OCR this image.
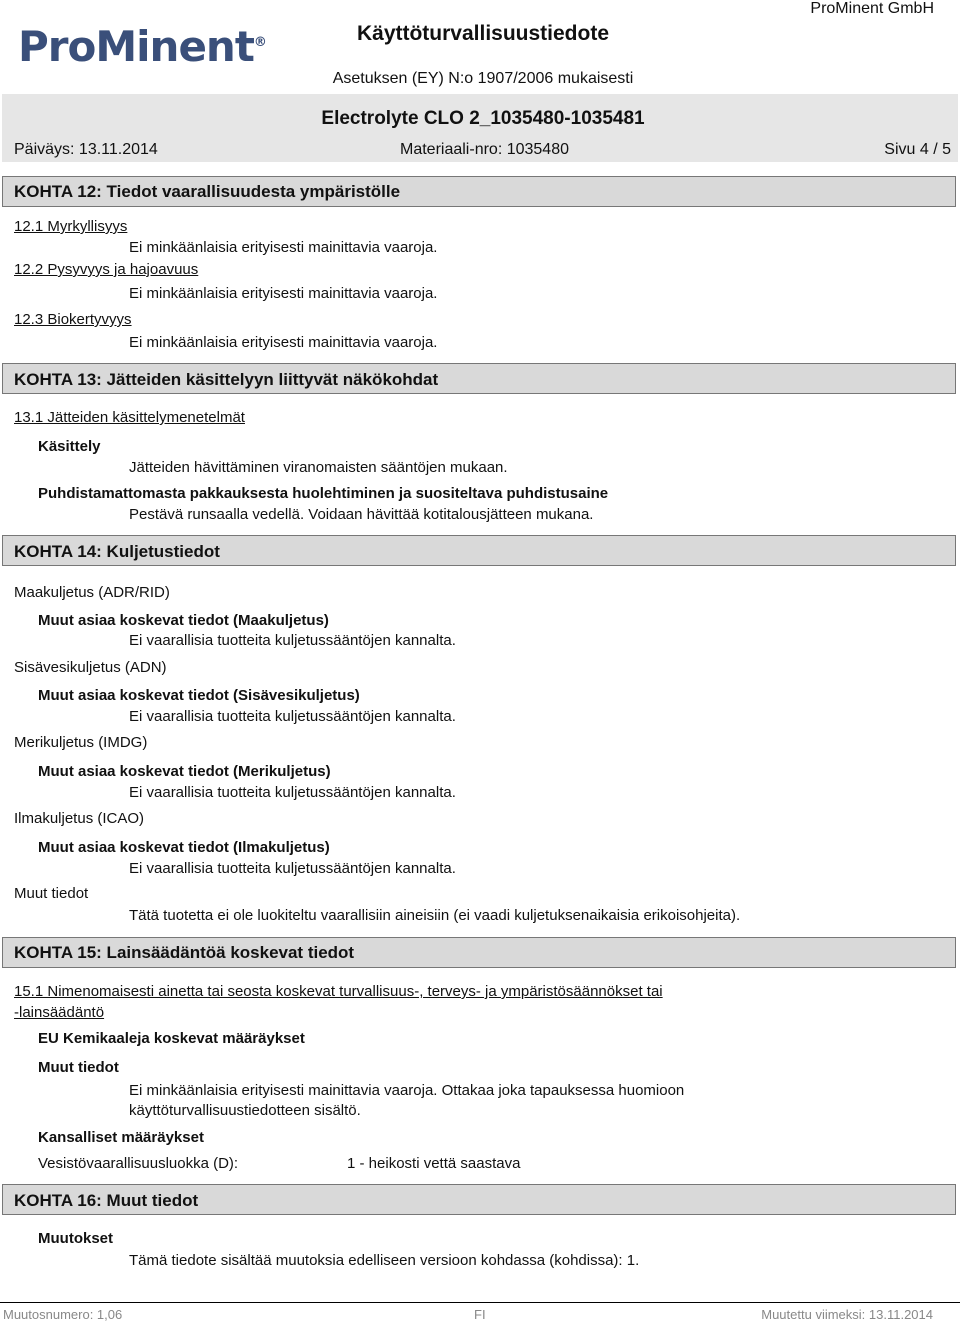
ProMinent®	Käyttöturvallisuustiedote
ProMinent GmbH
Asetuksen (EY) N:o 1907/2006 mukaisesti
Electrolyte CLO 2_1035480-1035481
Päiväys: 13.11.2014	Materiaali-nro: 1035480	Sivu 4 / 5
KOHTA 12: Tiedot vaarallisuudesta ympäristölle
12.1 Myrkyllisyys
Ei minkäänlaisia erityisesti mainittavia vaaroja.
12.2 Pysyvyys ja hajoavuus
Ei minkäänlaisia erityisesti mainittavia vaaroja.
12.3 Biokertyvyys
Ei minkäänlaisia erityisesti mainittavia vaaroja.
KOHTA 13: Jätteiden käsittelyyn liittyvät näkökohdat
13.1 Jätteiden käsittelymenetelmät
Käsittely
Jätteiden hävittäminen viranomaisten sääntöjen mukaan.
Puhdistamattomasta pakkauksesta huolehtiminen ja suositeltava puhdistusaine
Pestävä runsaalla vedellä. Voidaan hävittää kotitalousjätteen mukana.
KOHTA 14: Kuljetustiedot
Maakuljetus (ADR/RID)
Muut asiaa koskevat tiedot (Maakuljetus)
Ei vaarallisia tuotteita kuljetussääntöjen kannalta.
Sisävesikuljetus (ADN)
Muut asiaa koskevat tiedot (Sisävesikuljetus)
Ei vaarallisia tuotteita kuljetussääntöjen kannalta.
Merikuljetus (IMDG)
Muut asiaa koskevat tiedot (Merikuljetus)
Ei vaarallisia tuotteita kuljetussääntöjen kannalta.
Ilmakuljetus (ICAO)
Muut asiaa koskevat tiedot (Ilmakuljetus)
Ei vaarallisia tuotteita kuljetussääntöjen kannalta.
Muut tiedot
Tätä tuotetta ei ole luokiteltu vaarallisiin aineisiin (ei vaadi kuljetuksenaikaisia erikoisohjeita).
KOHTA 15: Lainsäädäntöä koskevat tiedot
15.1 Nimenomaisesti ainetta tai seosta koskevat turvallisuus-, terveys- ja ympäristösäännökset tai
-lainsäädäntö
EU Kemikaaleja koskevat määräykset
Muut tiedot
Ei minkäänlaisia erityisesti mainittavia vaaroja. Ottakaa joka tapauksessa huomioon
käyttöturvallisuustiedotteen sisältö.
Kansalliset määräykset
Vesistövaarallisuusluokka (D):	1 - heikosti vettä saastava
KOHTA 16: Muut tiedot
Muutokset
Tämä tiedote sisältää muutoksia edelliseen versioon kohdassa (kohdissa): 1.
Muutosnumero: 1,06	FI	Muutettu viimeksi: 13.11.2014
